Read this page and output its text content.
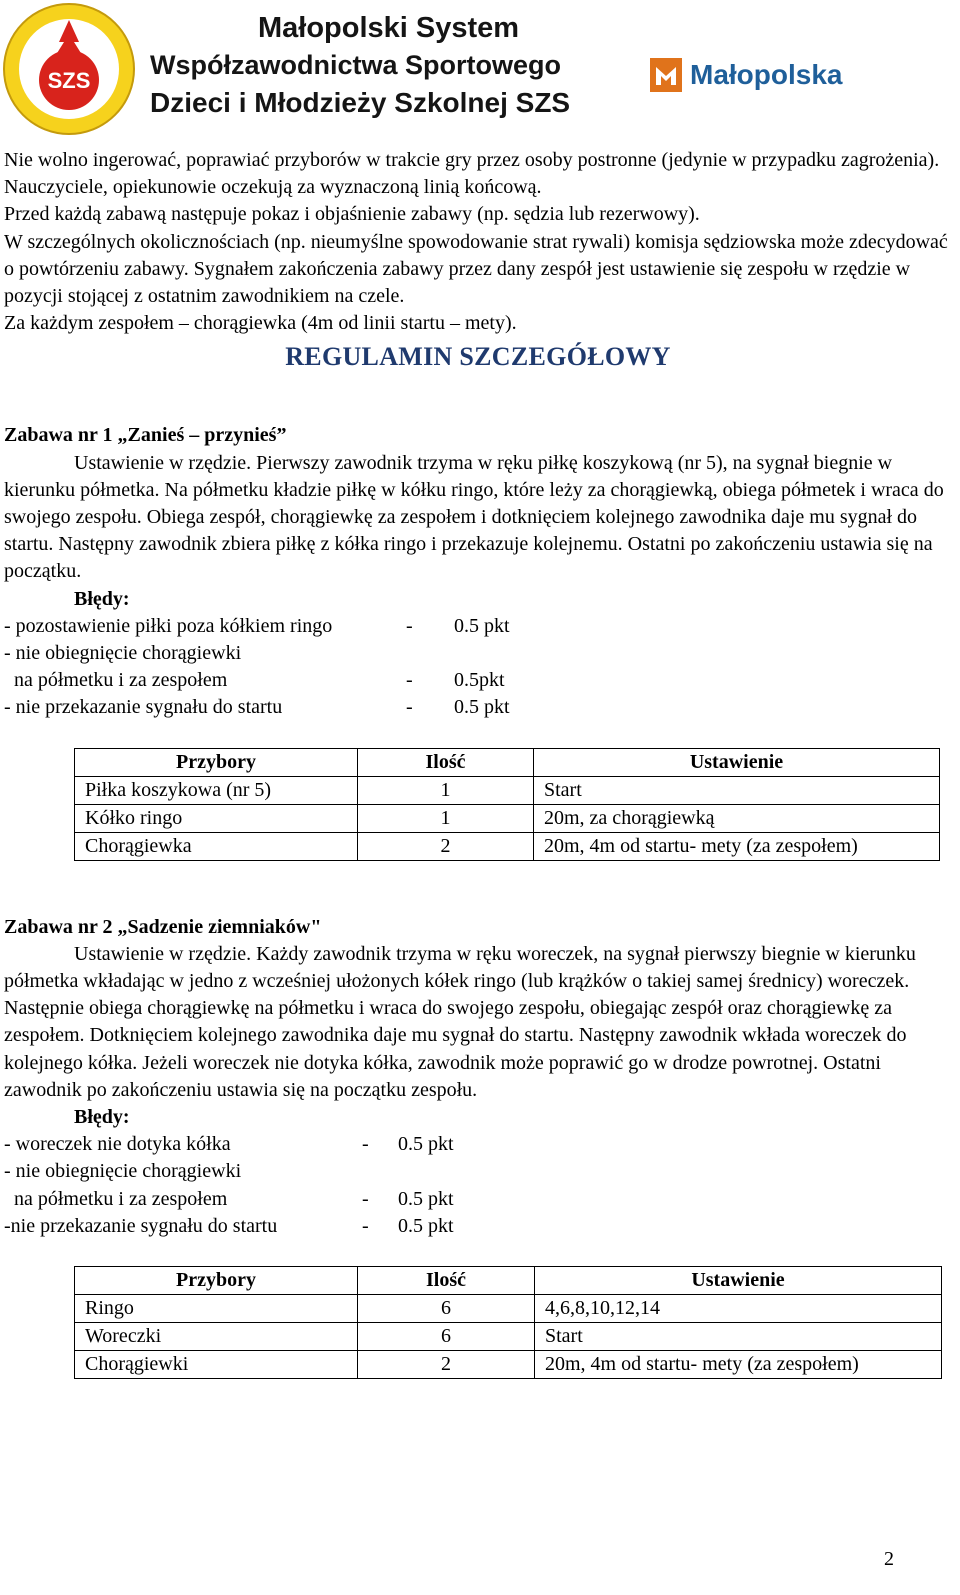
SZS
Małopolski System
Współzawodnictwa Sportowego
Dzieci i Młodzieży Szkolnej SZS
Małopolska

Nie wolno ingerować, poprawiać przyborów w trakcie gry przez osoby postronne (jedynie w przypadku zagrożenia).

Nauczyciele, opiekunowie oczekują za wyznaczoną linią końcową.

Przed każdą zabawą następuje pokaz i objaśnienie zabawy (np. sędzia lub rezerwowy).

W szczególnych okolicznościach (np. nieumyślne spowodowanie strat rywali) komisja sędziowska może zdecydować o powtórzeniu zabawy. Sygnałem zakończenia zabawy przez dany zespół jest ustawienie się zespołu w rzędzie w pozycji stojącej z ostatnim zawodnikiem na czele.

Za każdym zespołem – chorągiewka (4m od linii startu – mety).

REGULAMIN SZCZEGÓŁOWY

Zabawa nr 1 „Zanieś – przynieś”

Ustawienie w rzędzie. Pierwszy zawodnik trzyma w ręku piłkę koszykową (nr 5), na sygnał biegnie w kierunku półmetka. Na półmetku kładzie piłkę w kółku ringo, które leży za chorągiewką, obiega półmetek i wraca do swojego zespołu. Obiega zespół, chorągiewkę za zespołem i dotknięciem kolejnego zawodnika daje mu sygnał do startu. Następny zawodnik zbiera piłkę z kółka ringo i przekazuje kolejnemu. Ostatni po zakończeniu ustawia się na początku.

Błędy:

- pozostawienie piłki poza kółkiem ringo	-	0.5 pkt
- nie obiegnięcie chorągiewki
na półmetku i za zespołem	-	0.5pkt
- nie przekazanie sygnału do startu	-	0.5 pkt
Przybory	Ilość	Ustawienie
Piłka koszykowa (nr 5)	1	Start
Kółko ringo	1	20m, za chorągiewką
Chorągiewka	2	20m, 4m od startu- mety (za zespołem)

Zabawa nr 2 „Sadzenie ziemniaków"

Ustawienie w rzędzie. Każdy zawodnik trzyma w ręku woreczek, na sygnał pierwszy biegnie w kierunku półmetka wkładając w jedno z wcześniej ułożonych kółek ringo (lub krążków o takiej samej średnicy) woreczek. Następnie obiega chorągiewkę na półmetku i wraca do swojego zespołu, obiegając zespół oraz chorągiewkę za zespołem. Dotknięciem kolejnego zawodnika daje mu sygnał do startu. Następny zawodnik wkłada woreczek do kolejnego kółka. Jeżeli woreczek nie dotyka kółka, zawodnik może poprawić go w drodze powrotnej. Ostatni zawodnik po zakończeniu ustawia się na początku zespołu.

Błędy:

- woreczek nie dotyka kółka	-	0.5 pkt
- nie obiegnięcie chorągiewki
na półmetku i za zespołem	-	0.5 pkt
-nie przekazanie sygnału do startu	-	0.5 pkt
Przybory	Ilość	Ustawienie
Ringo	6	4,6,8,10,12,14
Woreczki	6	Start
Chorągiewki	2	20m, 4m od startu- mety (za zespołem)
2
